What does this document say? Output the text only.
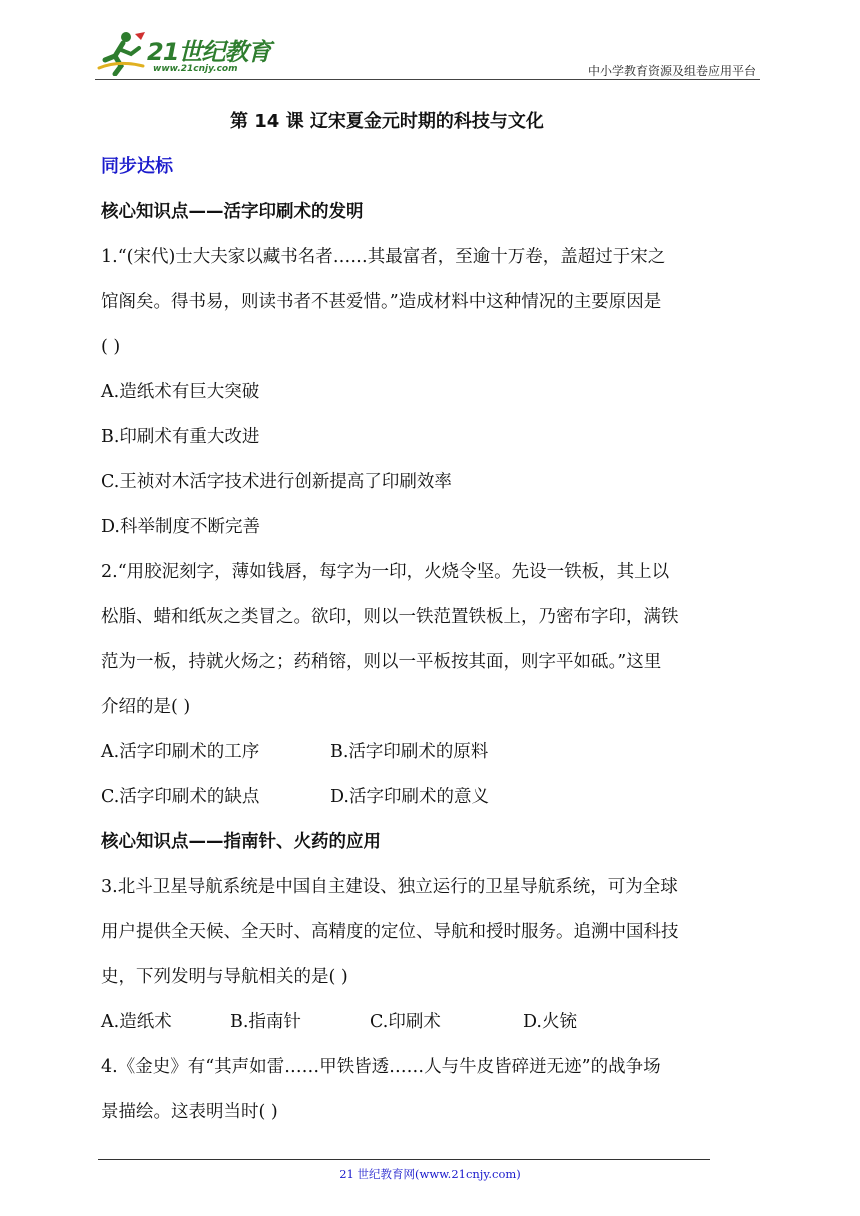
21世纪教育
www.21cnjy.com	中小学教育资源及组卷应用平台
第 14 课 辽宋夏金元时期的科技与文化
同步达标
核心知识点——活字印刷术的发明
1.“(宋代)士大夫家以藏书名者……其最富者，至逾十万卷，盖超过于宋之
馆阁矣。得书易，则读书者不甚爱惜。”造成材料中这种情况的主要原因是
( )
A.造纸术有巨大突破
B.印刷术有重大改进
C.王祯对木活字技术进行创新提高了印刷效率
D.科举制度不断完善
2.“用胶泥刻字，薄如钱唇，每字为一印，火烧令坚。先设一铁板，其上以
松脂、蜡和纸灰之类冒之。欲印，则以一铁范置铁板上，乃密布字印，满铁
范为一板，持就火炀之；药稍镕，则以一平板按其面，则字平如砥。”这里
介绍的是( )
A.活字印刷术的工序	B.活字印刷术的原料
C.活字印刷术的缺点	D.活字印刷术的意义
核心知识点——指南针、火药的应用
3.北斗卫星导航系统是中国自主建设、独立运行的卫星导航系统，可为全球
用户提供全天候、全天时、高精度的定位、导航和授时服务。追溯中国科技
史，下列发明与导航相关的是( )
A.造纸术	B.指南针	C.印刷术	D.火铳
4.《金史》有“其声如雷……甲铁皆透……人与牛皮皆碎迸无迹”的战争场
景描绘。这表明当时( )
21 世纪教育网(www.21cnjy.com)
